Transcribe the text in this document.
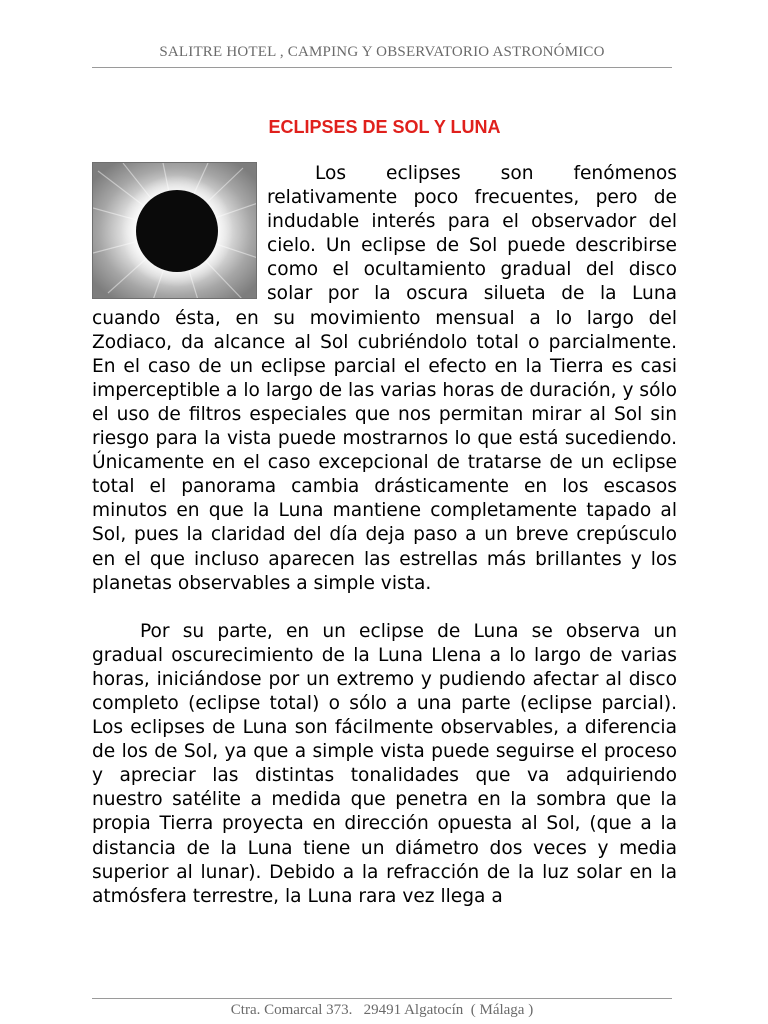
SALITRE HOTEL , CAMPING Y OBSERVATORIO ASTRONÓMICO
ECLIPSES DE SOL Y LUNA

Los eclipses son fenómenos relativamente poco frecuentes, pero de indudable interés para el observador del cielo. Un eclipse de Sol puede describirse como el ocultamiento gradual del disco solar por la oscura silueta de la Luna cuando ésta, en su movimiento mensual a lo largo del Zodiaco, da alcance al Sol cubriéndolo total o parcialmente. En el caso de un eclipse parcial el efecto en la Tierra es casi imperceptible a lo largo de las varias horas de duración, y sólo el uso de filtros especiales que nos permitan mirar al Sol sin riesgo para la vista puede mostrarnos lo que está sucediendo. Únicamente en el caso excepcional de tratarse de un eclipse total el panorama cambia drásticamente en los escasos minutos en que la Luna mantiene completamente tapado al Sol, pues la claridad del día deja paso a un breve crepúsculo en el que incluso aparecen las estrellas más brillantes y los planetas observables a simple vista.

Por su parte, en un eclipse de Luna se observa un gradual oscurecimiento de la Luna Llena a lo largo de varias horas, iniciándose por un extremo y pudiendo afectar al disco completo (eclipse total) o sólo a una parte (eclipse parcial). Los eclipses de Luna son fácilmente observables, a diferencia de los de Sol, ya que a simple vista puede seguirse el proceso y apreciar las distintas tonalidades que va adquiriendo nuestro satélite a medida que penetra en la sombra que la propia Tierra proyecta en dirección opuesta al Sol, (que a la distancia de la Luna tiene un diámetro dos veces y media superior al lunar). Debido a la refracción de la luz solar en la atmósfera terrestre, la Luna rara vez llega a

Ctra. Comarcal 373.   29491 Algatocín  ( Málaga )
